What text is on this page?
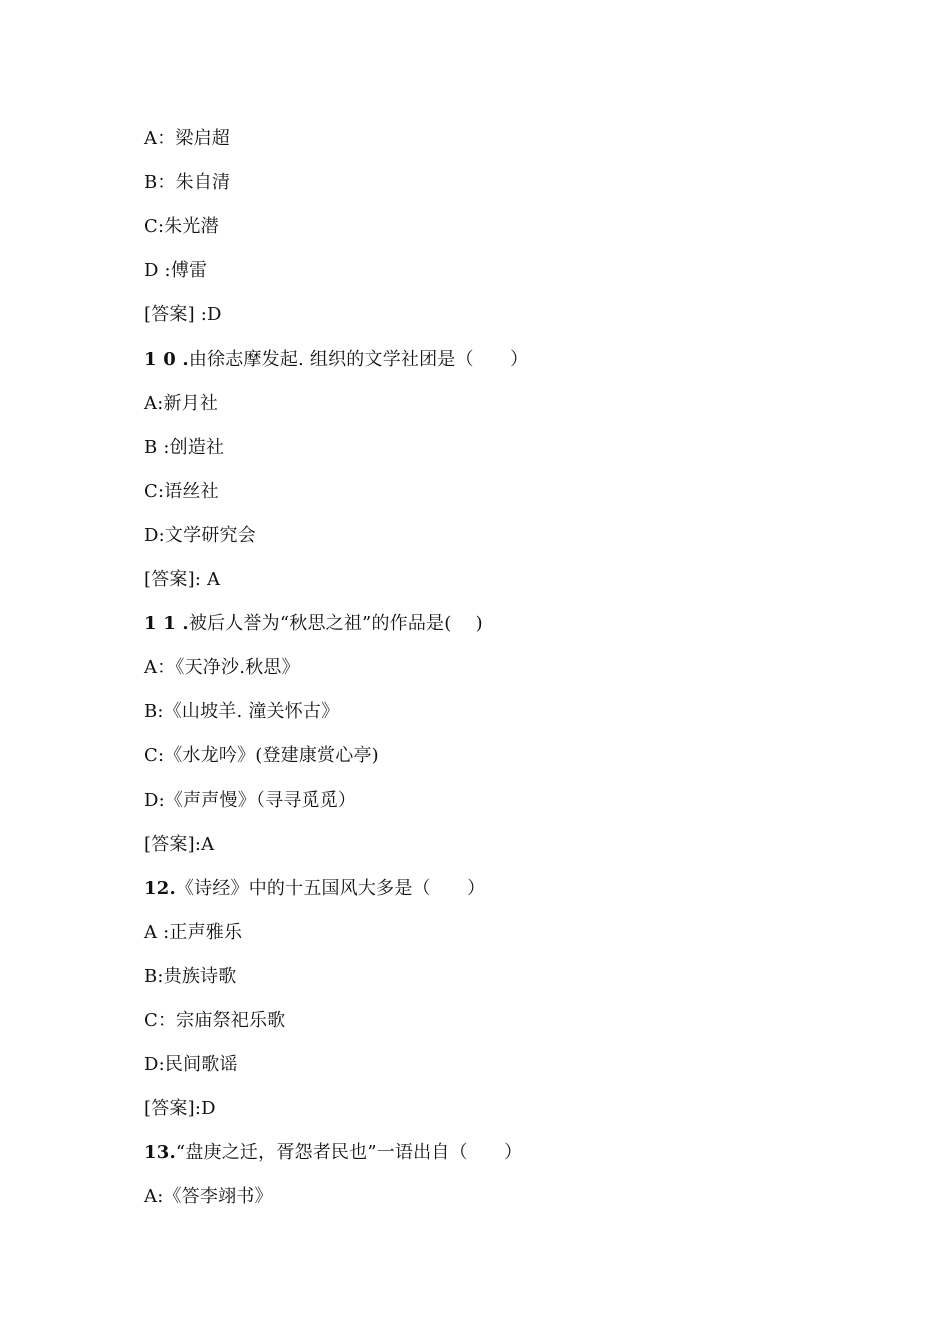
A：梁启超
B：朱自清
C:朱光潜
D :傅雷
[答案] :D
1 0 .由徐志摩发起. 组织的文学社团是（　　）
A:新月社
B :创造社
C:语丝社
D:文学研究会
[答案]: A
1 1 .被后人誉为“秋思之祖”的作品是(　 )
A：《天净沙.秋思》
B:《山坡羊. 潼关怀古》
C:《水龙吟》(登建康赏心亭)
D:《声声慢》（寻寻觅觅）
[答案]:A
12.《诗经》中的十五国风大多是（　　）
A :正声雅乐
B:贵族诗歌
C：宗庙祭祀乐歌
D:民间歌谣
[答案]:D
13.“盘庚之迁，胥怨者民也”一语出自（　　）
A:《答李翊书》
